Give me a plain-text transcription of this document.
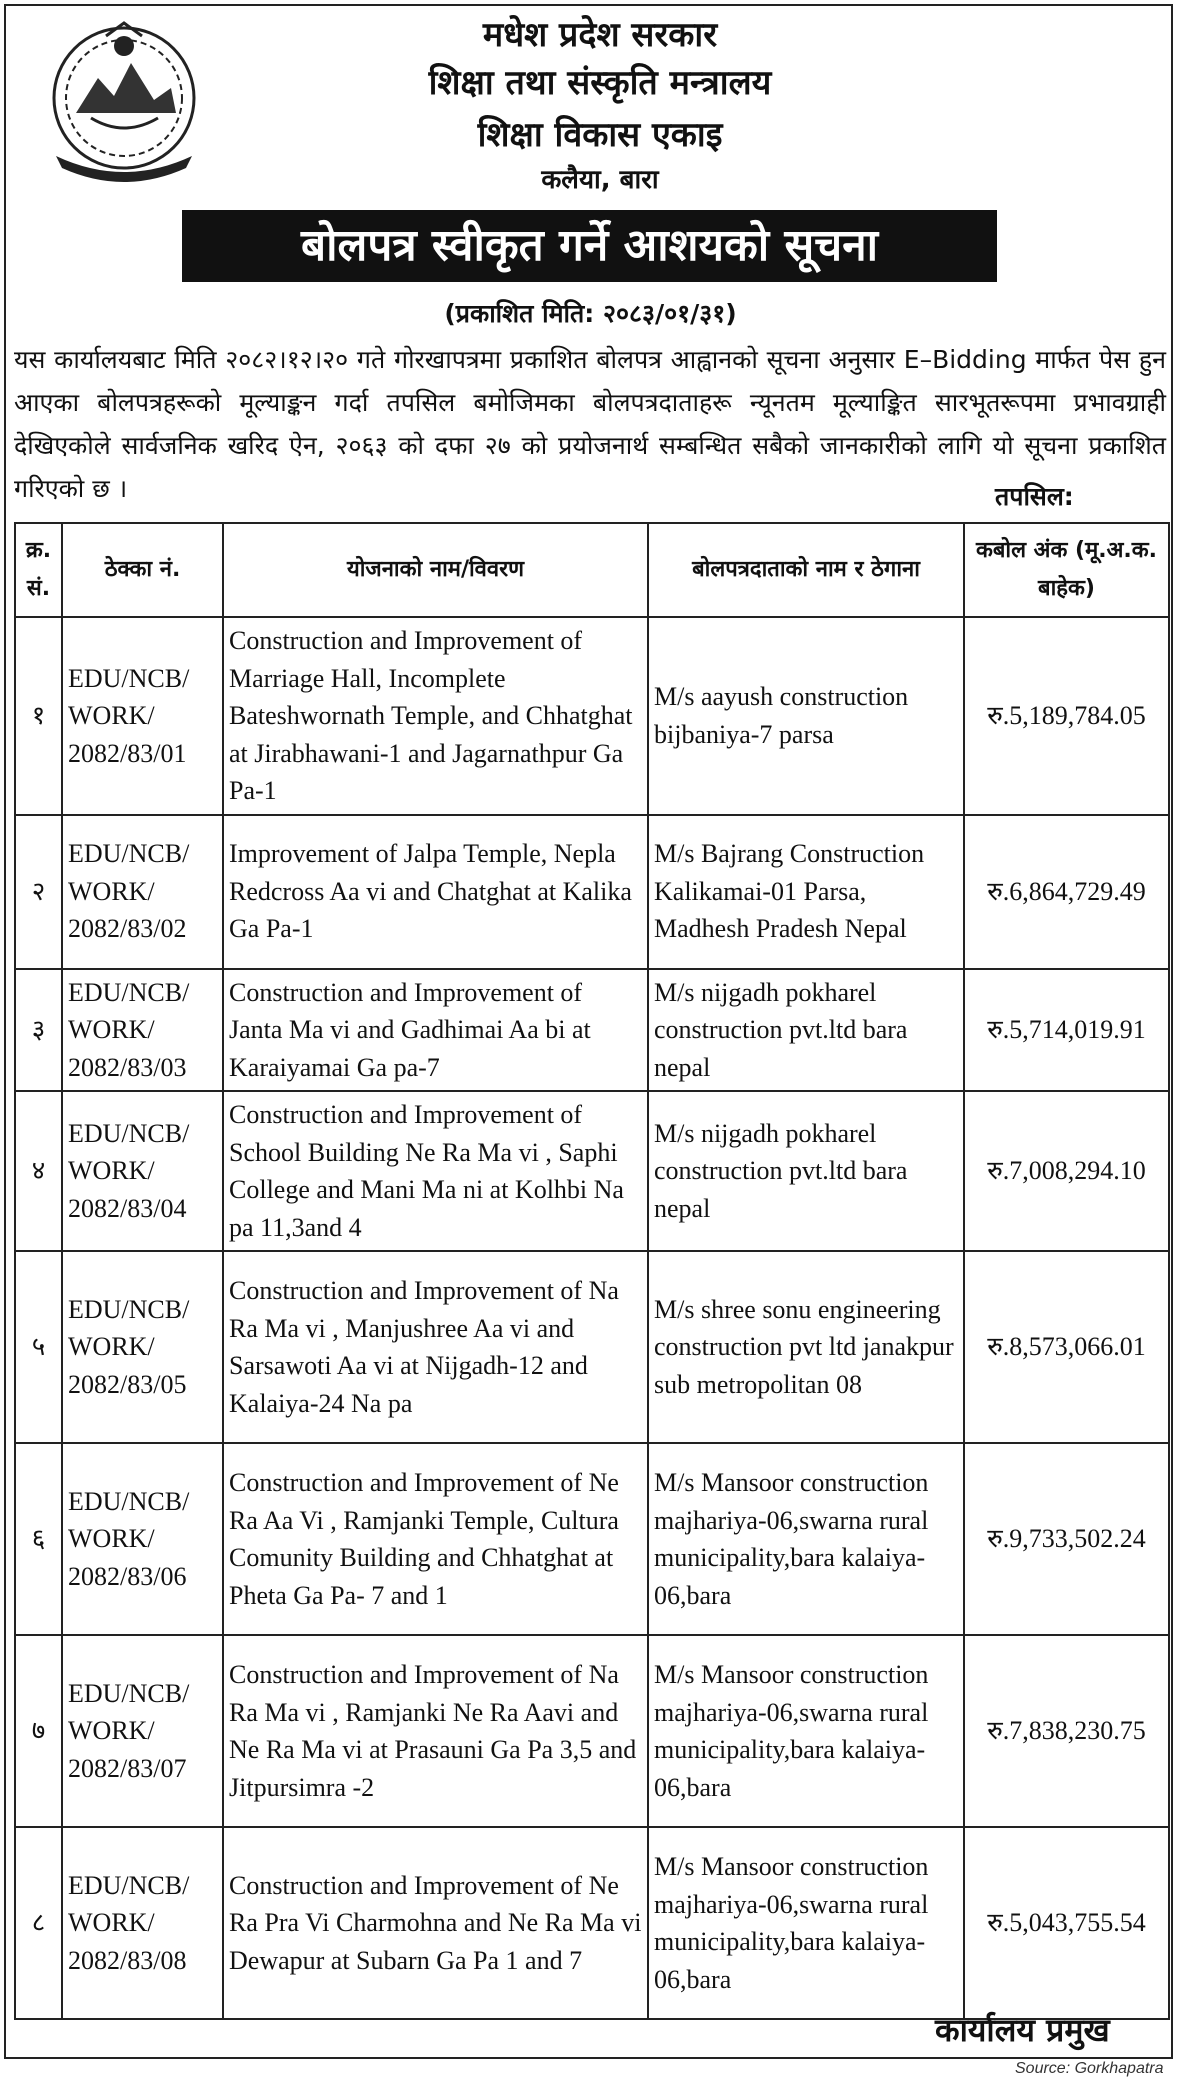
मधेश प्रदेश सरकार
शिक्षा तथा संस्कृति मन्त्रालय
शिक्षा विकास एकाइ
कलैया, बारा
बोलपत्र स्वीकृत गर्ने आशयको सूचना
(प्रकाशित मिति: २०८३/०१/३१)
यस कार्यालयबाट मिति २०८२।१२।२० गते गोरखापत्रमा प्रकाशित बोलपत्र आह्वानको सूचना अनुसार E–Bidding मार्फत पेस हुन आएका बोलपत्रहरूको मूल्याङ्कन गर्दा तपसिल बमोजिमका बोलपत्रदाताहरू न्यूनतम मूल्याङ्कित सारभूतरूपमा प्रभावग्राही देखिएकोले सार्वजनिक खरिद ऐन, २०६३ को दफा २७ को प्रयोजनार्थ सम्बन्धित सबैको जानकारीको लागि यो सूचना प्रकाशित गरिएको छ ।	तपसिल:
क्र. सं.	ठेक्का नं.	योजनाको नाम/विवरण	बोलपत्रदाताको नाम र ठेगाना	कबोल अंक (मू.अ.क. बाहेक)
१	EDU/NCB/ WORK/ 2082/83/01	Construction and Improvement of Marriage Hall, Incomplete Bateshwornath Temple, and Chhatghat at Jirabhawani-1 and Jagarnathpur Ga Pa-1	M/s aayush construction bijbaniya-7 parsa	रु.5,189,784.05
२	EDU/NCB/ WORK/ 2082/83/02	Improvement of Jalpa Temple, Nepla Redcross Aa vi and Chatghat at Kalika Ga Pa-1	M/s Bajrang Construction Kalikamai-01 Parsa, Madhesh Pradesh Nepal	रु.6,864,729.49
३	EDU/NCB/ WORK/ 2082/83/03	Construction and Improvement of Janta Ma vi and Gadhimai Aa bi at Karaiyamai Ga pa-7	M/s nijgadh pokharel construction pvt.ltd bara nepal	रु.5,714,019.91
४	EDU/NCB/ WORK/ 2082/83/04	Construction and Improvement of School Building Ne Ra Ma vi , Saphi College and Mani Ma ni at Kolhbi Na pa 11,3and 4	M/s nijgadh pokharel construction pvt.ltd bara nepal	रु.7,008,294.10
५	EDU/NCB/ WORK/ 2082/83/05	Construction and Improvement of Na Ra Ma vi , Manjushree Aa vi and Sarsawoti Aa vi at Nijgadh-12 and Kalaiya-24 Na pa	M/s shree sonu engineering construction pvt ltd janakpur sub metropolitan 08	रु.8,573,066.01
६	EDU/NCB/ WORK/ 2082/83/06	Construction and Improvement of Ne Ra Aa Vi , Ramjanki Temple, Cultura Comunity Building and Chhatghat at Pheta Ga Pa- 7 and 1	M/s Mansoor construction majhariya-06,swarna rural municipality,bara kalaiya-06,bara	रु.9,733,502.24
७	EDU/NCB/ WORK/ 2082/83/07	Construction and Improvement of Na Ra Ma vi , Ramjanki Ne Ra Aavi and Ne Ra Ma vi at Prasauni Ga Pa 3,5 and Jitpursimra -2	M/s Mansoor construction majhariya-06,swarna rural municipality,bara kalaiya-06,bara	रु.7,838,230.75
८	EDU/NCB/ WORK/ 2082/83/08	Construction and Improvement of Ne Ra Pra Vi Charmohna and Ne Ra Ma vi Dewapur at Subarn Ga Pa 1 and 7	M/s Mansoor construction majhariya-06,swarna rural municipality,bara kalaiya-06,bara	रु.5,043,755.54
कार्यालय प्रमुख
Source: Gorkhapatra
